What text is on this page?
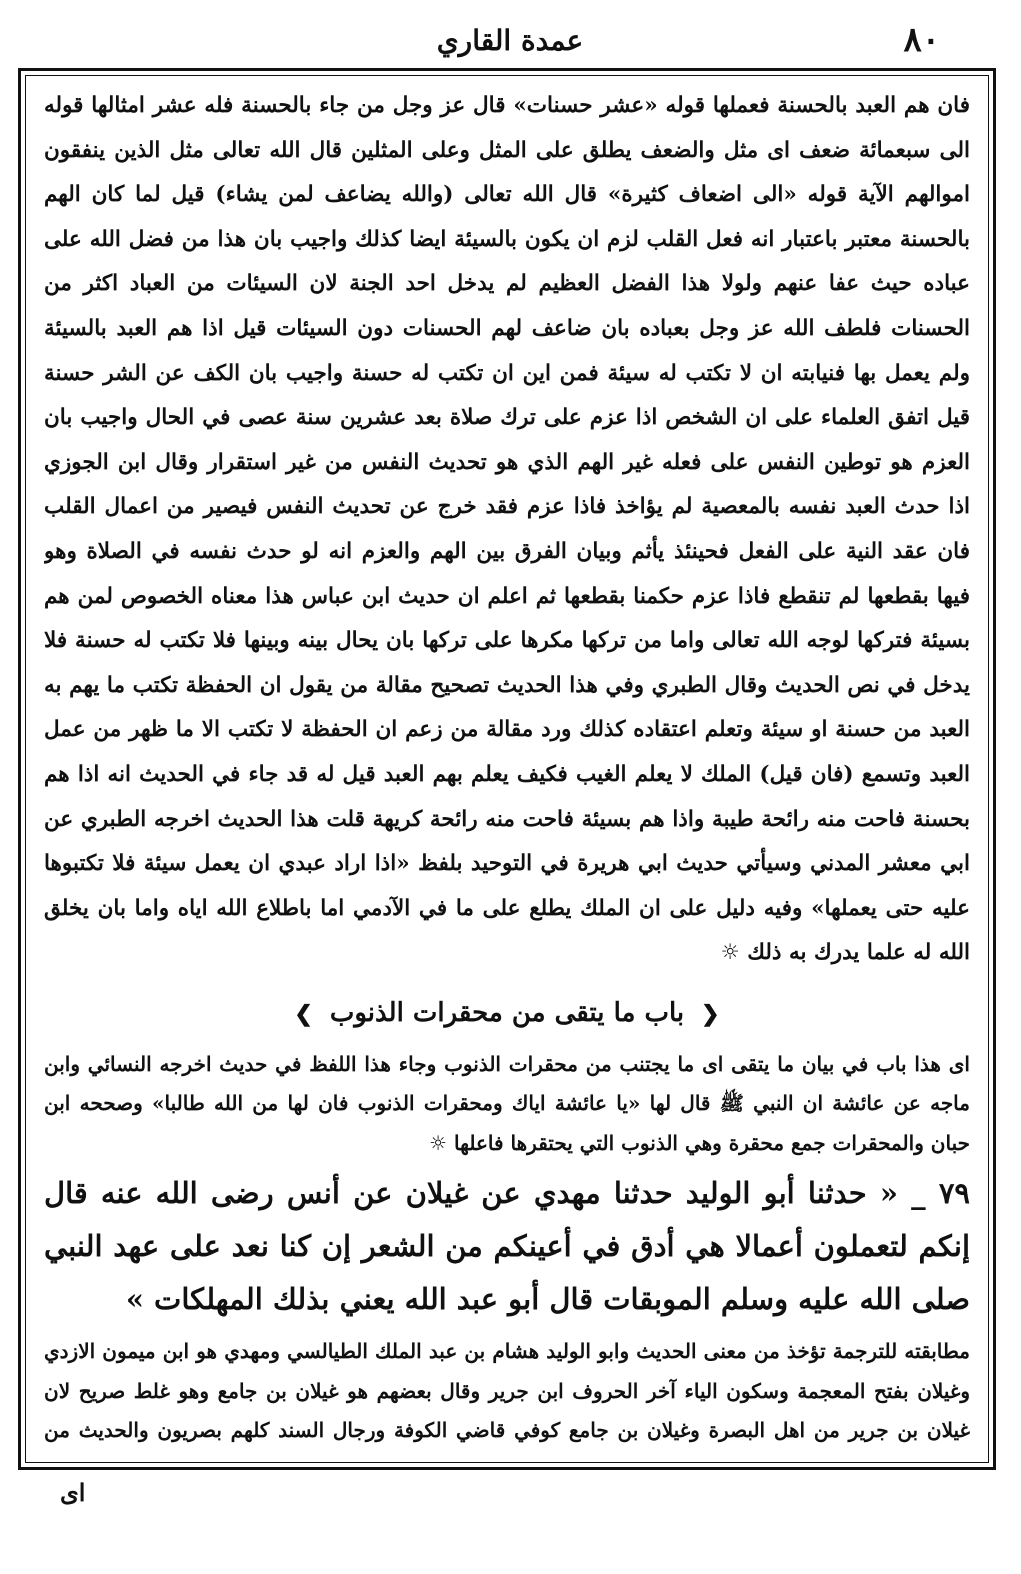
عمدة القاري	٨٠

فان هم العبد بالحسنة فعملها قوله «عشر حسنات» قال عز وجل من جاء بالحسنة فله عشر امثالها قوله الى سبعمائة ضعف اى مثل والضعف يطلق على المثل وعلى المثلين قال الله تعالى مثل الذين ينفقون اموالهم الآية قوله «الى اضعاف كثيرة» قال الله تعالى (والله يضاعف لمن يشاء) قيل لما كان الهم بالحسنة معتبر باعتبار انه فعل القلب لزم ان يكون بالسيئة ايضا كذلك واجيب بان هذا من فضل الله على عباده حيث عفا عنهم ولولا هذا الفضل العظيم لم يدخل احد الجنة لان السيئات من العباد اكثر من الحسنات فلطف الله عز وجل بعباده بان ضاعف لهم الحسنات دون السيئات قيل اذا هم العبد بالسيئة ولم يعمل بها فنيابته ان لا تكتب له سيئة فمن اين ان تكتب له حسنة واجيب بان الكف عن الشر حسنة قيل اتفق العلماء على ان الشخص اذا عزم على ترك صلاة بعد عشرين سنة عصى في الحال واجيب بان العزم هو توطين النفس على فعله غير الهم الذي هو تحديث النفس من غير استقرار وقال ابن الجوزي اذا حدث العبد نفسه بالمعصية لم يؤاخذ فاذا عزم فقد خرج عن تحديث النفس فيصير من اعمال القلب فان عقد النية على الفعل فحينئذ يأثم وبيان الفرق بين الهم والعزم انه لو حدث نفسه في الصلاة وهو فيها بقطعها لم تنقطع فاذا عزم حكمنا بقطعها ثم اعلم ان حديث ابن عباس هذا معناه الخصوص لمن هم بسيئة فتركها لوجه الله تعالى واما من تركها مكرها على تركها بان يحال بينه وبينها فلا تكتب له حسنة فلا يدخل في نص الحديث وقال الطبري وفي هذا الحديث تصحيح مقالة من يقول ان الحفظة تكتب ما يهم به العبد من حسنة او سيئة وتعلم اعتقاده كذلك ورد مقالة من زعم ان الحفظة لا تكتب الا ما ظهر من عمل العبد وتسمع (فان قيل) الملك لا يعلم الغيب فكيف يعلم بهم العبد قيل له قد جاء في الحديث انه اذا هم بحسنة فاحت منه رائحة طيبة واذا هم بسيئة فاحت منه رائحة كريهة قلت هذا الحديث اخرجه الطبري عن ابي معشر المدني وسيأتي حديث ابي هريرة في التوحيد بلفظ «اذا اراد عبدي ان يعمل سيئة فلا تكتبوها عليه حتى يعملها» وفيه دليل على ان الملك يطلع على ما في الآدمي اما باطلاع الله اياه واما بان يخلق الله له علما يدرك به ذلك ☼

❮ باب ما يتقى من محقرات الذنوب ❯

اى هذا باب في بيان ما يتقى اى ما يجتنب من محقرات الذنوب وجاء هذا اللفظ في حديث اخرجه النسائي وابن ماجه عن عائشة ان النبي ﷺ قال لها «يا عائشة اياك ومحقرات الذنوب فان لها من الله طالبا» وصححه ابن حبان والمحقرات جمع محقرة وهي الذنوب التي يحتقرها فاعلها ☼

٧٩ _ « حدثنا أبو الوليد حدثنا مهدي عن غيلان عن أنس رضى الله عنه قال إنكم لتعملون أعمالا هي أدق في أعينكم من الشعر إن كنا نعد على عهد النبي صلى الله عليه وسلم الموبقات قال أبو عبد الله يعني بذلك المهلكات »

مطابقته للترجمة تؤخذ من معنى الحديث وابو الوليد هشام بن عبد الملك الطيالسي ومهدي هو ابن ميمون الازدي وغيلان بفتح المعجمة وسكون الياء آخر الحروف ابن جرير وقال بعضهم هو غيلان بن جامع وهو غلط صريح لان غيلان بن جرير من اهل البصرة وغيلان بن جامع كوفي قاضي الكوفة ورجال السند كلهم بصريون والحديث من

اى
